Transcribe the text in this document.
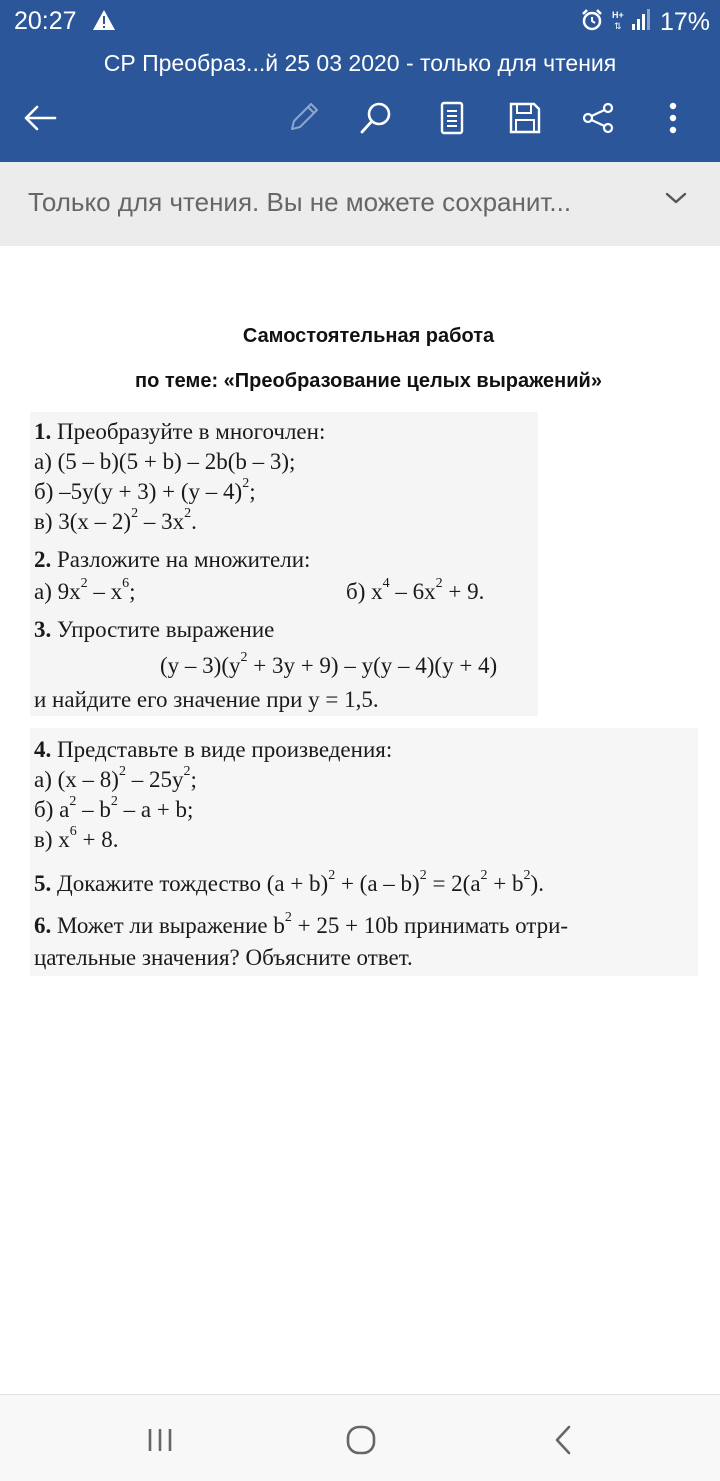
20:27	H+
⇅ 17%
СР Преобраз...й 25 03 2020 - только для чтения
Только для чтения. Вы не можете сохранит...
Самостоятельная работа
по теме: «Преобразование целых выражений»
1. Преобразуйте в многочлен:
а) (5 – b)(5 + b) – 2b(b – 3);
б) –5y(y + 3) + (y – 4)$^2$;
в) $3(x - 2)^2 - 3x^2$.
2. Разложите на множители:
а) $9x^2 - x^6$;	б) $x^4 - 6x^2 + 9$.
3. Упростите выражение
$(y - 3)(y^2 + 3y + 9) - y(y - 4)(y + 4)$
и найдите его значение при y = 1,5.
4. Представьте в виде произведения:
а) $(x - 8)^2 - 25y^2$;
б) $a^2 - b^2 - a + b$;
в) $x^6 + 8$.
5. Докажите тождество $(a + b)^2 + (a - b)^2 = 2(a^2 + b^2)$.
6. Может ли выражение $b^2 + 25 + 10b$ принимать отри-
цательные значения? Объясните ответ.
